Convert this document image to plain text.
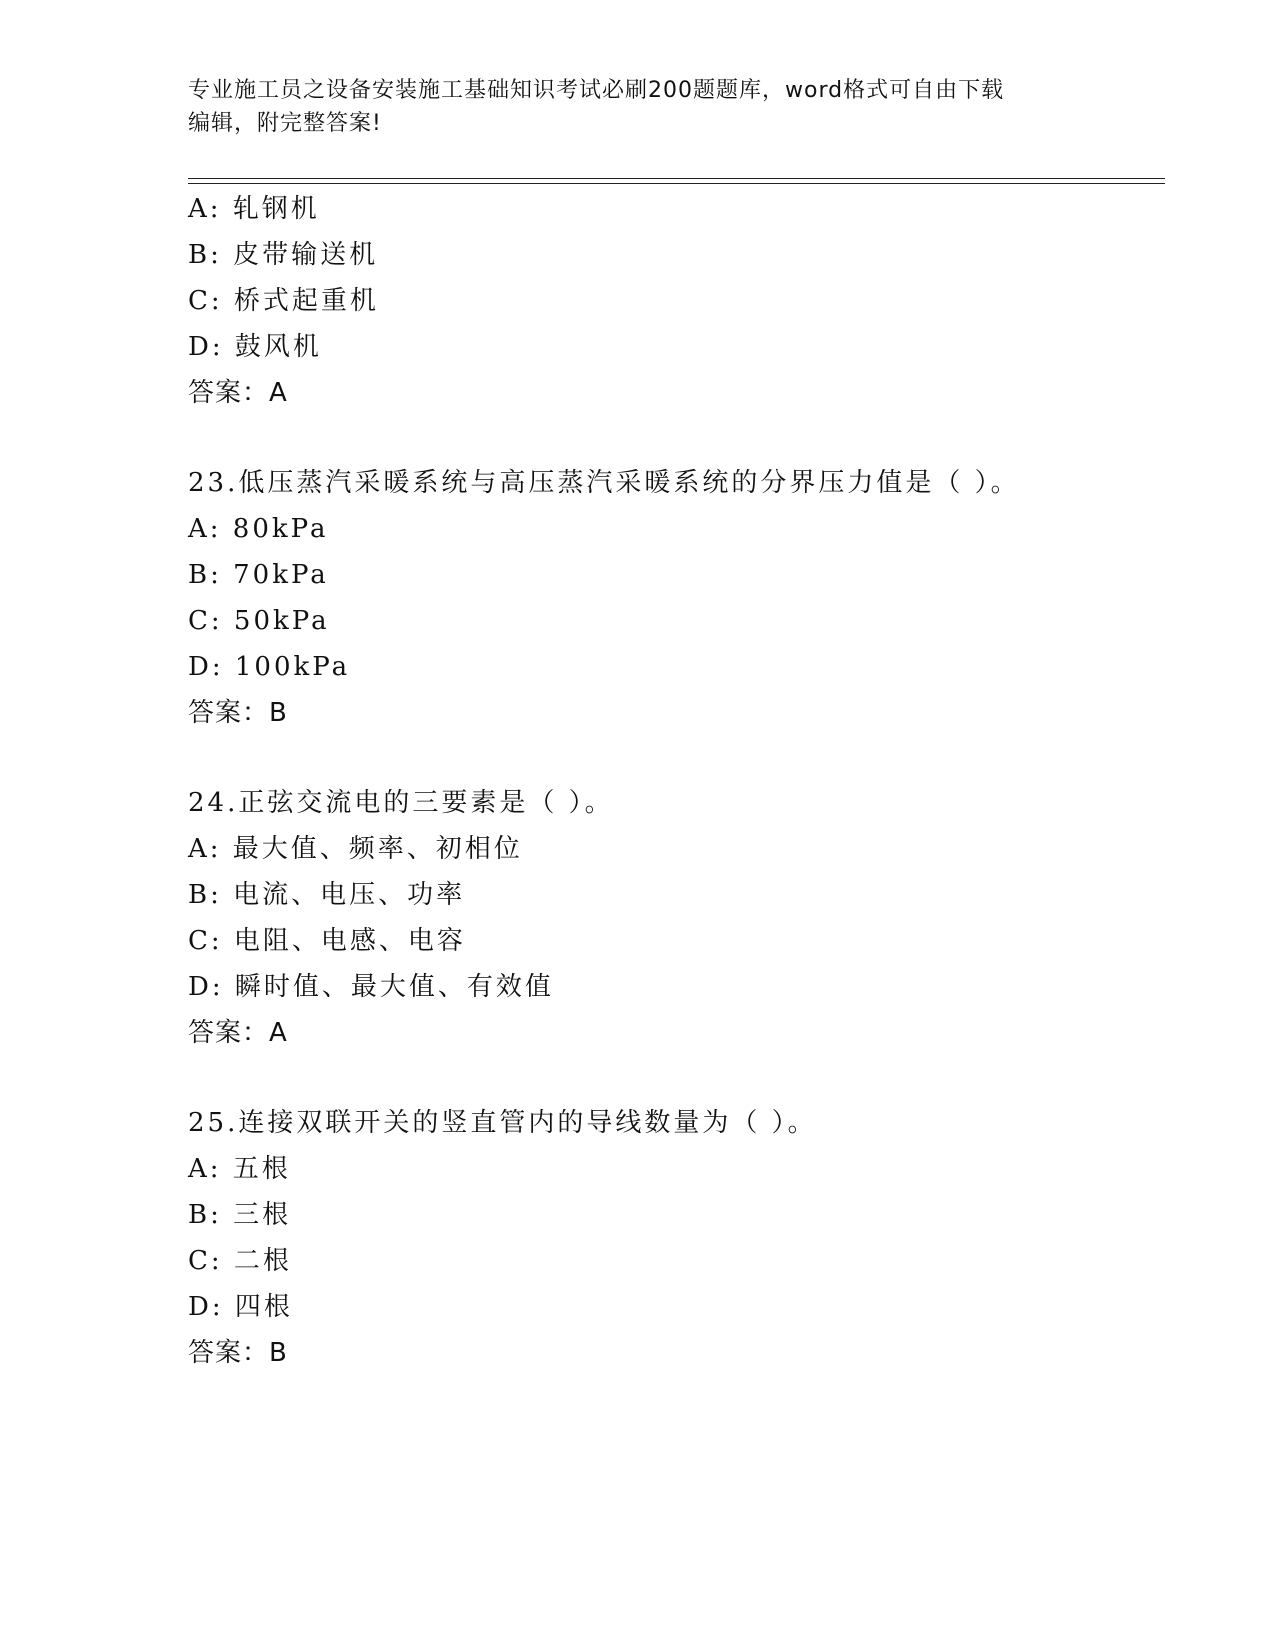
专业施工员之设备安装施工基础知识考试必刷200题题库，word格式可自由下载
编辑，附完整答案!
A: 轧钢机
B: 皮带输送机
C: 桥式起重机
D: 鼓风机
答案：A
23.低压蒸汽采暖系统与高压蒸汽采暖系统的分界压力值是（ ）。
A: 80kPa
B: 70kPa
C: 50kPa
D: 100kPa
答案：B
24.正弦交流电的三要素是（ ）。
A: 最大值、频率、初相位
B: 电流、电压、功率
C: 电阻、电感、电容
D: 瞬时值、最大值、有效值
答案：A
25.连接双联开关的竖直管内的导线数量为（ ）。
A: 五根
B: 三根
C: 二根
D: 四根
答案：B
